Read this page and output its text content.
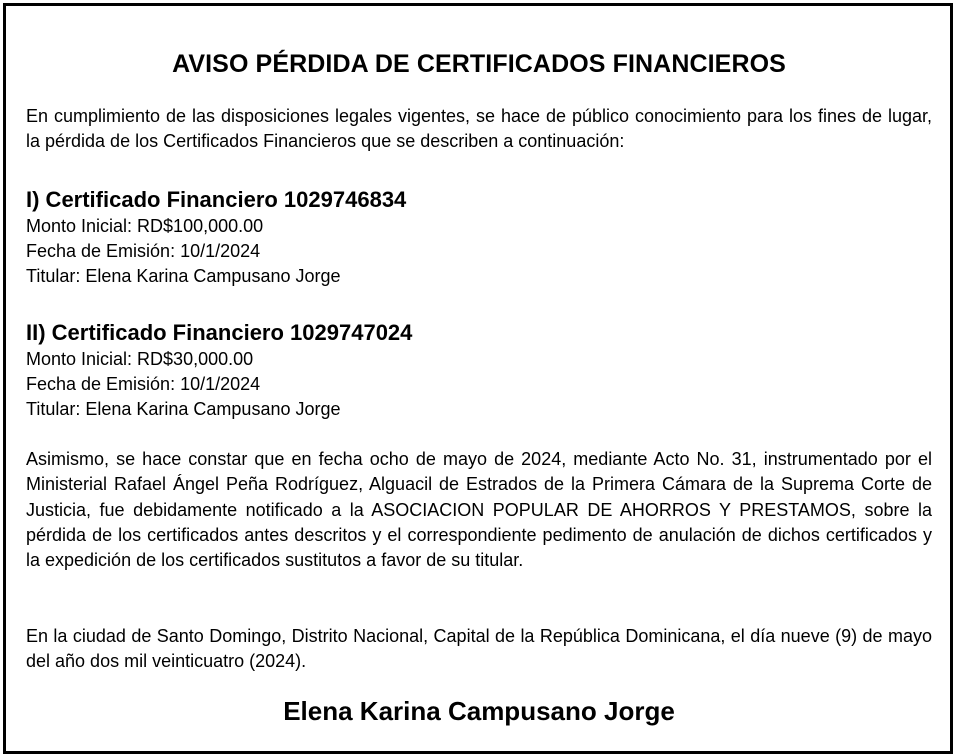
AVISO PÉRDIDA DE CERTIFICADOS FINANCIEROS

En cumplimiento de las disposiciones legales vigentes, se hace de público conocimiento para los fines de lugar, la pérdida de los Certificados Financieros que se describen a continuación:

I) Certificado Financiero 1029746834

Monto Inicial: RD$100,000.00

Fecha de Emisión: 10/1/2024

Titular: Elena Karina Campusano Jorge

II) Certificado Financiero 1029747024

Monto Inicial: RD$30,000.00

Fecha de Emisión: 10/1/2024

Titular: Elena Karina Campusano Jorge

Asimismo, se hace constar que en fecha ocho de mayo de 2024, mediante Acto No. 31, instrumentado por el Ministerial Rafael Ángel Peña Rodríguez, Alguacil de Estrados de la Primera Cámara de la Suprema Corte de Justicia, fue debidamente notificado a la ASOCIACION POPULAR DE AHORROS Y PRESTAMOS, sobre la pérdida de los certificados antes descritos y el correspondiente pedimento de anulación de dichos certificados y la expedición de los certificados sustitutos a favor de su titular.

En la ciudad de Santo Domingo, Distrito Nacional, Capital de la República Dominicana, el día nueve (9) de mayo del año dos mil veinticuatro (2024).

Elena Karina Campusano Jorge
